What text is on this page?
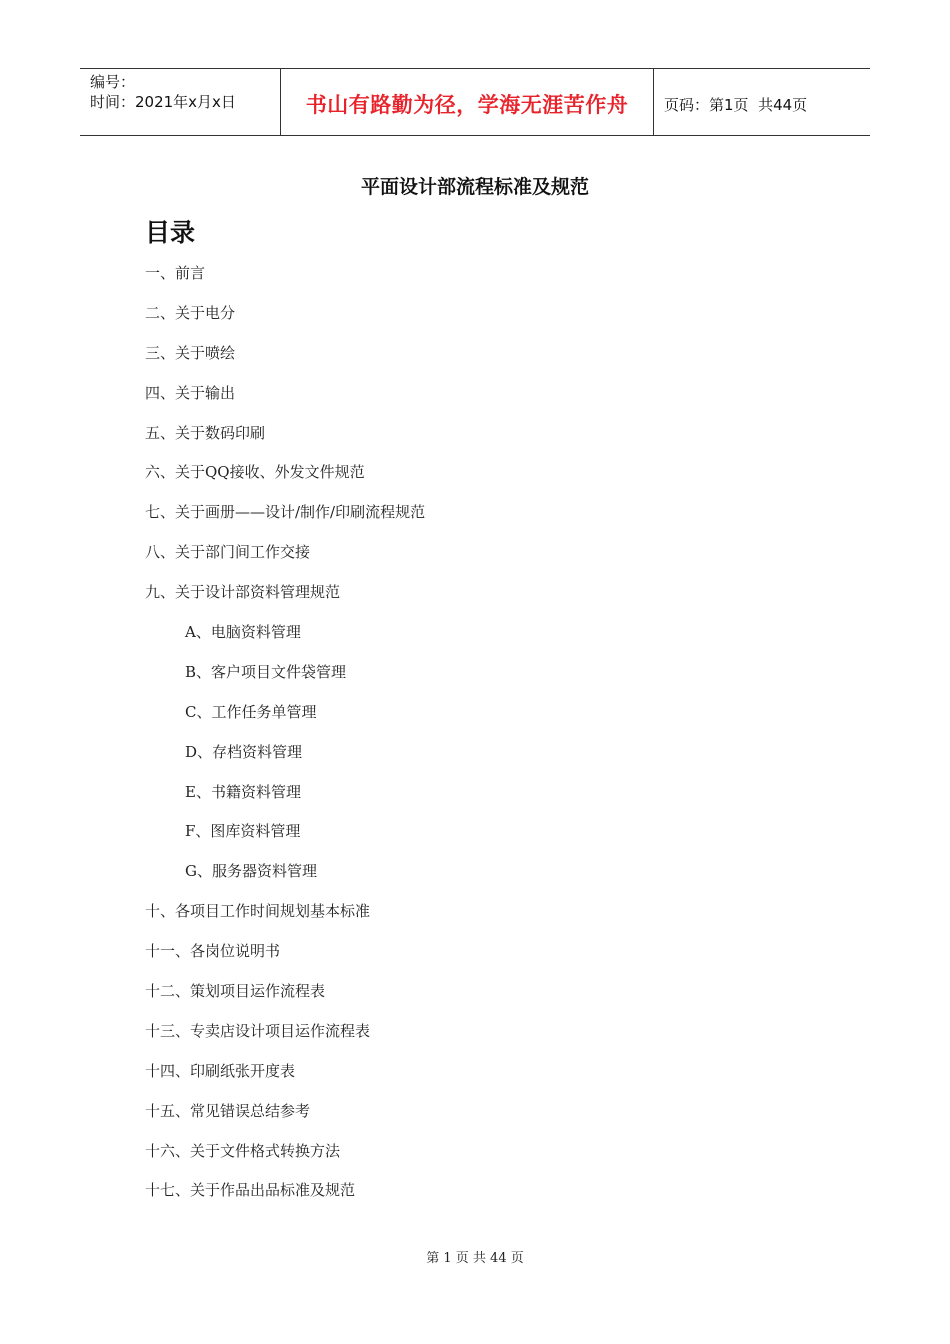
编号：
时间：2021年x月x日	书山有路勤为径，学海无涯苦作舟 页码：第1页  共44页
平面设计部流程标准及规范
目录
一、前言
二、关于电分
三、关于喷绘
四、关于输出
五、关于数码印刷
六、关于QQ接收、外发文件规范
七、关于画册——设计/制作/印刷流程规范
八、关于部门间工作交接
九、关于设计部资料管理规范
A、电脑资料管理
B、客户项目文件袋管理
C、工作任务单管理
D、存档资料管理
E、书籍资料管理
F、图库资料管理
G、服务器资料管理
十、各项目工作时间规划基本标准
十一、各岗位说明书
十二、策划项目运作流程表
十三、专卖店设计项目运作流程表
十四、印刷纸张开度表
十五、常见错误总结参考
十六、关于文件格式转换方法
十七、关于作品出品标准及规范
第 1 页 共 44 页
